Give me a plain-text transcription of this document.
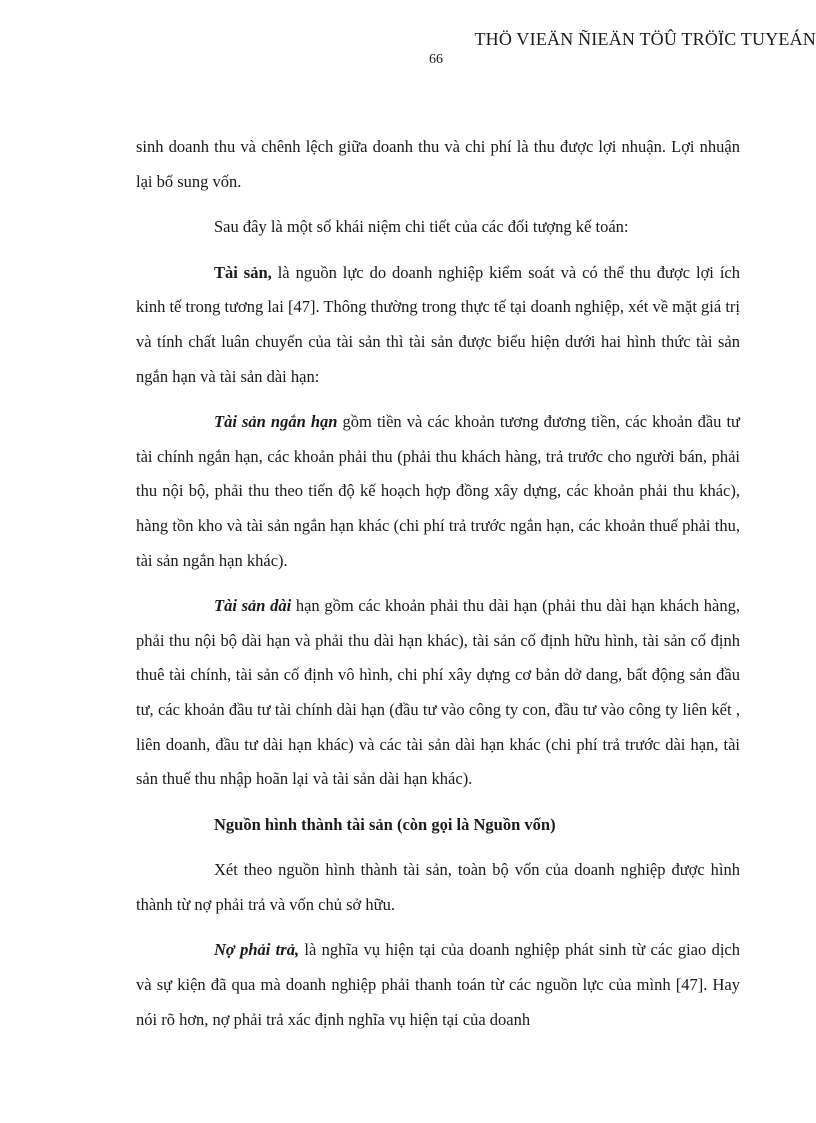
THÖ VIEÄN ÑIEÄN TÖÛ TRÖÏC TUYEÁN
66

sinh doanh thu và chênh lệch giữa doanh thu và chi phí là thu được lợi nhuận. Lợi nhuận lại bổ sung vốn.

Sau đây là một số khái niệm chi tiết của các đối tượng kế toán:

Tài sản, là nguồn lực do doanh nghiệp kiểm soát và có thể thu được lợi ích kinh tế trong tương lai [47]. Thông thường trong thực tế tại doanh nghiệp, xét về mặt giá trị và tính chất luân chuyển của tài sản thì tài sản được biểu hiện dưới hai hình thức tài sản ngắn hạn và tài sản dài hạn:

Tài sản ngắn hạn gồm tiền và các khoản tương đương tiền, các khoản đầu tư tài chính ngắn hạn, các khoản phải thu (phải thu khách hàng, trả trước cho người bán, phải thu nội bộ, phải thu theo tiến độ kế hoạch hợp đồng xây dựng, các khoản phải thu khác), hàng tồn kho và tài sản ngắn hạn khác (chi phí trả trước ngắn hạn, các khoản thuế phải thu, tài sản ngắn hạn khác).

Tài sản dài hạn gồm các khoản phải thu dài hạn (phải thu dài hạn khách hàng, phải thu nội bộ dài hạn và phải thu dài hạn khác), tài sản cố định hữu hình, tài sản cố định thuê tài chính, tài sản cố định vô hình, chi phí xây dựng cơ bản dở dang, bất động sản đầu tư, các khoản đầu tư tài chính dài hạn (đầu tư vào công ty con, đầu tư vào công ty liên kết , liên doanh, đầu tư dài hạn khác) và các tài sản dài hạn khác (chi phí trả trước dài hạn, tài sản thuế thu nhập hoãn lại và tài sản dài hạn khác).

Nguồn hình thành tài sản (còn gọi là Nguồn vốn)

Xét theo nguồn hình thành tài sản, toàn bộ vốn của doanh nghiệp được hình thành từ nợ phải trả và vốn chủ sở hữu.

Nợ phải trả, là nghĩa vụ hiện tại của doanh nghiệp phát sinh từ các giao dịch và sự kiện đã qua mà doanh nghiệp phải thanh toán từ các nguồn lực của mình [47]. Hay nói rõ hơn, nợ phải trả xác định nghĩa vụ hiện tại của doanh
